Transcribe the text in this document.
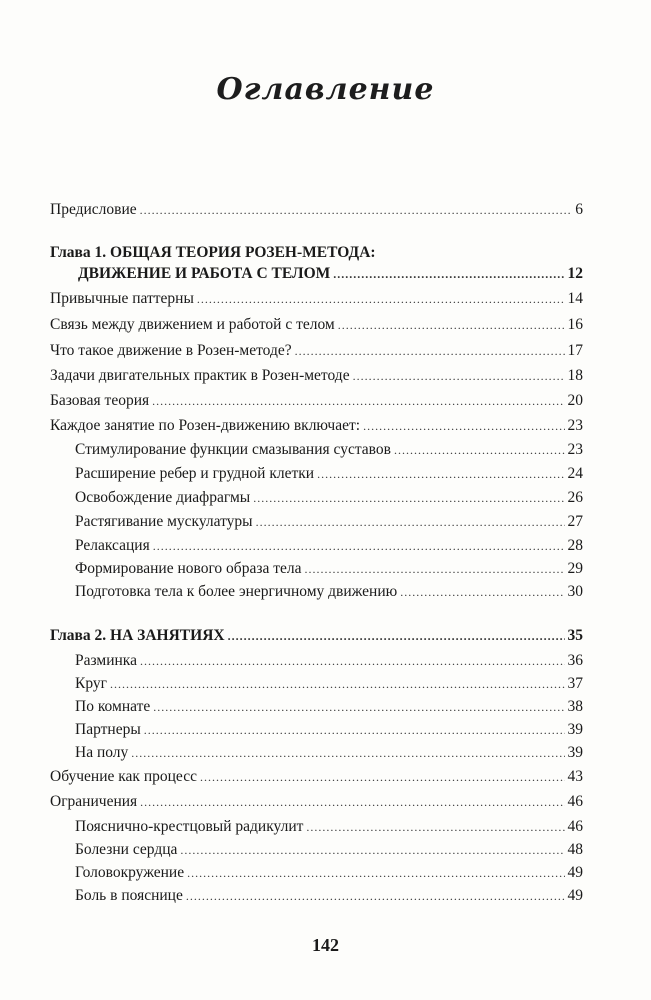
Оглавление
Предисловие .....	6
Глава 1. ОБЩАЯ ТЕОРИЯ РОЗЕН-МЕТОДА:
ДВИЖЕНИЕ И РАБОТА С ТЕЛОМ .....	12
Привычные паттерны .....	14
Связь между движением и работой с телом .....	16
Что такое движение в Розен-методе? .....	17
Задачи двигательных практик в Розен-методе .....	18
Базовая теория .....	20
Каждое занятие по Розен-движению включает: .....	23
Стимулирование функции смазывания суставов .....	23
Расширение ребер и грудной клетки .....	24
Освобождение диафрагмы .....	26
Растягивание мускулатуры .....	27
Релаксация .....	28
Формирование нового образа тела .....	29
Подготовка тела к более энергичному движению .....	30
Глава 2. НА ЗАНЯТИЯХ .....	35
Разминка .....	36
Круг .....	37
По комнате .....	38
Партнеры .....	39
На полу .....	39
Обучение как процесс .....	43
Ограничения .....	46
Пояснично-крестцовый радикулит .....	46
Болезни сердца .....	48
Головокружение .....	49
Боль в пояснице .....	49
142
